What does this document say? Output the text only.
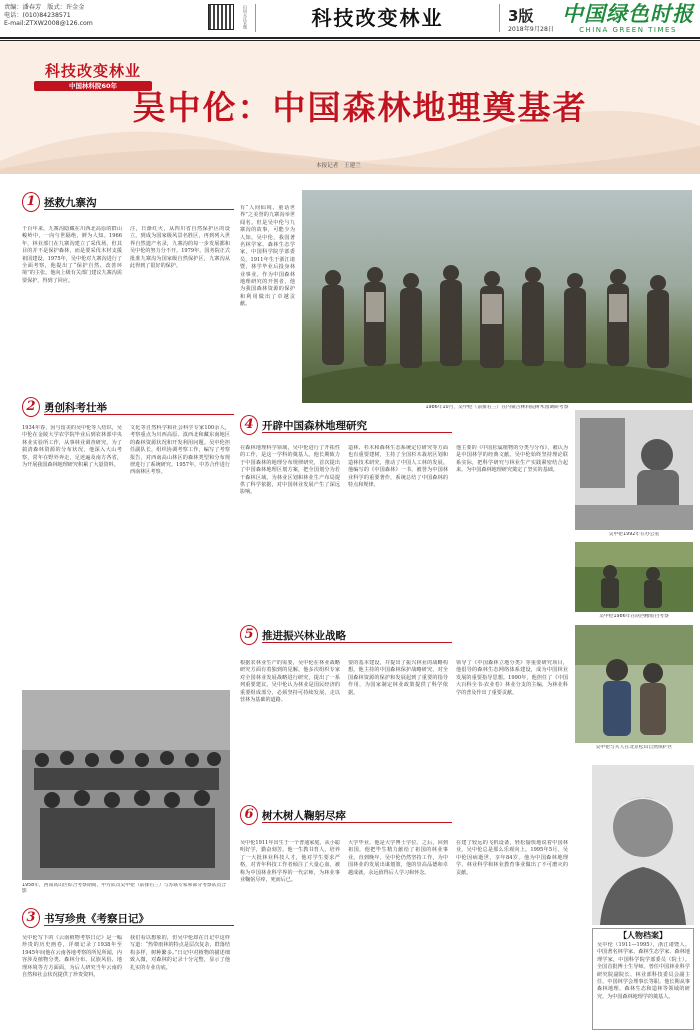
责编：潘春芳　版式：许金金
电话：(010)84238571
E-mail:ZTXW2008@126.com	扫码关注官微	科技改变林业	3版
2018年9月28日
中国绿色时报
CHINA GREEN TIMES
科技改变林业
中国林科院60年
吴中伦：中国森林地理奠基者
本报记者　王建兰
1 拯救九寨沟
千百年来，九寨沟隐藏在川西北高原的群山峻岭中，一向与世隔绝，鲜为人知。1966年，林业部门在九寨沟建立了采伐场，但其目的并不是保护森林，而是要采伐木材支援祖国建设。1975年，吴中伦对九寨沟进行了全面考察，他提出了“保护自然、改善环境”的主张。他向上级有关部门建议九寨沟需要保护，得到了回应。
注，日渐红火，从四川省自然保护区的设立，到成为国家级风景名胜区，再到列入世界自然遗产名录，九寨沟的每一步发展都和吴中伦的努力分不开。1979年，国务院正式批准九寨沟为国家级自然保护区，九寨沟从此得到了很好的保护。
有“人间仙境、童话世界”之美誉的九寨沟举世闻名。但是吴中伦与九寨沟的故事，可能少为人知。吴中伦，我国著名林学家、森林生态学家，中国科学院学部委员，1911年生于浙江诸暨，林学毕业后投身林业事业。作为中国森林地理研究的开创者，他为我国森林资源的保护和利用做出了卓越贡献。
1986年10月，吴中伦（前排右三）在内蒙古林科院树木园调研考察
2 勇创科考壮举
1934年春，因与留美的吴中伦等人结识，吴中伦在金陵大学农学院毕业后到农林部中央林业实验所工作，从事林业调查研究。为了搞清森林资源的分布状况，他深入大山考察，常年在野外奔走，足迹遍及南方各省，为开展我国森林地理研究积累了大量资料。
文化等自然科学和社会科学专家100余人，考察重点为川西高原、滇西北和藏东南地区的森林资源状况和开发利用问题。吴中伦担任副队长，组织协调考察工作，编写了考察报告，对西南高山林区的森林类型和分布规律进行了系统研究。1957年，中苏合作进行西南林区考察。
4 开辟中国森林地理研究
在森林地理科学领域，吴中伦进行了开拓性的工作，是这一学科的奠基人。他长期致力于中国森林的地理分布规律研究，首次提出了中国森林地理区划方案，把全国划分为若干森林区域，为林业区划和林业生产布局提供了科学依据，对中国林业发展产生了深远影响。
造林、杉木和森林生态系统定位研究等方面也有重要建树，主持了全国杉木栽培区划和造林技术研究，推动了中国人工林的发展。他编写的《中国森林》一书，被誉为中国林业科学的重要著作，系统总结了中国森林的特点和规律。
他主要的《中国松属植物的分类与分布》，被认为是中国林学的经典文献。吴中伦始终坚持理论联系实际，把科学研究与林业生产实践紧密结合起来，为中国森林地理研究奠定了坚实的基础。
吴中伦1992年在办公室
吴中伦1986年在陕西橡胶白考察
5 推进振兴林业战略
根据农林业生产的需要，吴中伦在林业战略研究方面有着独到的见解。他多次组织专家对全国林业发展战略进行研究，提出了一系列重要建议。吴中伦认为林业是国民经济的重要组成部分，必须坚持可持续发展，走以营林为基础的道路。
要的基本建设，并提出了振兴林业的战略构想。他主持的中国森林保护战略研究，对全国森林资源的保护和发展起到了重要的指导作用，为国家制定林业政策提供了科学依据。
领导了《中国森林立地分类》等重要研究项目，他倡导的森林生态网络体系建设，成为中国林业发展的重要指导思想。1990年，他担任了《中国大百科全书·农业卷》林业分支的主编，为林业科学的普及作出了重要贡献。
吴中伦与夫人在北京松山自然保护区
1958年，西南高山区综合考察期间，中方队员吴中伦（前排右三）与苏联专家和部分考察队员合影
3 书写珍贵《考察日记》
吴中伦写下的《云南植物考察日记》是一幅珍贵的历史画卷，详细记录了1938年至1945年间他在云南各地考察的所见所闻，内容涉及植物分类、森林分布、民族风俗、地理环境等方方面面，为后人研究当年云南的自然和社会状况提供了珍贵资料。
我们看以想象的，但吴中伦却在日记中这样写道：“热带雨林的特点是层次复杂，群落结构多样，树种繁多。”日记中对植物的描述细致入微，对森林的记录十分完整，显示了他扎实的专业功底。
6 树木树人鞠躬尽瘁
吴中伦1911年出生于一个普通家庭，从小聪明好学，勤奋刻苦。他一生教书育人，培养了一大批林业科技人才，他对学生要求严格，对青年科技工作者倾注了大量心血，被称为中国林业科学界的一代宗师，为林业事业鞠躬尽瘁，死而后已。
大学毕业，他是大学博士学位。之后，回到祖国，他把毕生精力献给了祖国的林业事业。直到晚年，吴中伦仍然坚持工作，为中国林业的发展出谋划策，他的崇高品德和卓越成就，永远值得后人学习和怀念。
在建了较远的飞机设备，轻松愉快地说着中国林业，吴中伦总是那么乐观向上。1995年5月，吴中伦因病逝世，享年84岁。他为中国森林地理学、林业科学和林业教育事业做出了不可磨灭的贡献。
【人物档案】
吴中伦（1911—1995），浙江诸暨人。中国著名林学家、森林生态学家、森林地理学家，中国科学院学部委员（院士）。全国首批博士生导师。曾任中国林业科学研究院副院长、林业部科技委员会副主任、中国林学会理事长等职。他长期从事森林地理、森林生态和造林等领域的研究，为中国森林地理学的奠基人。
